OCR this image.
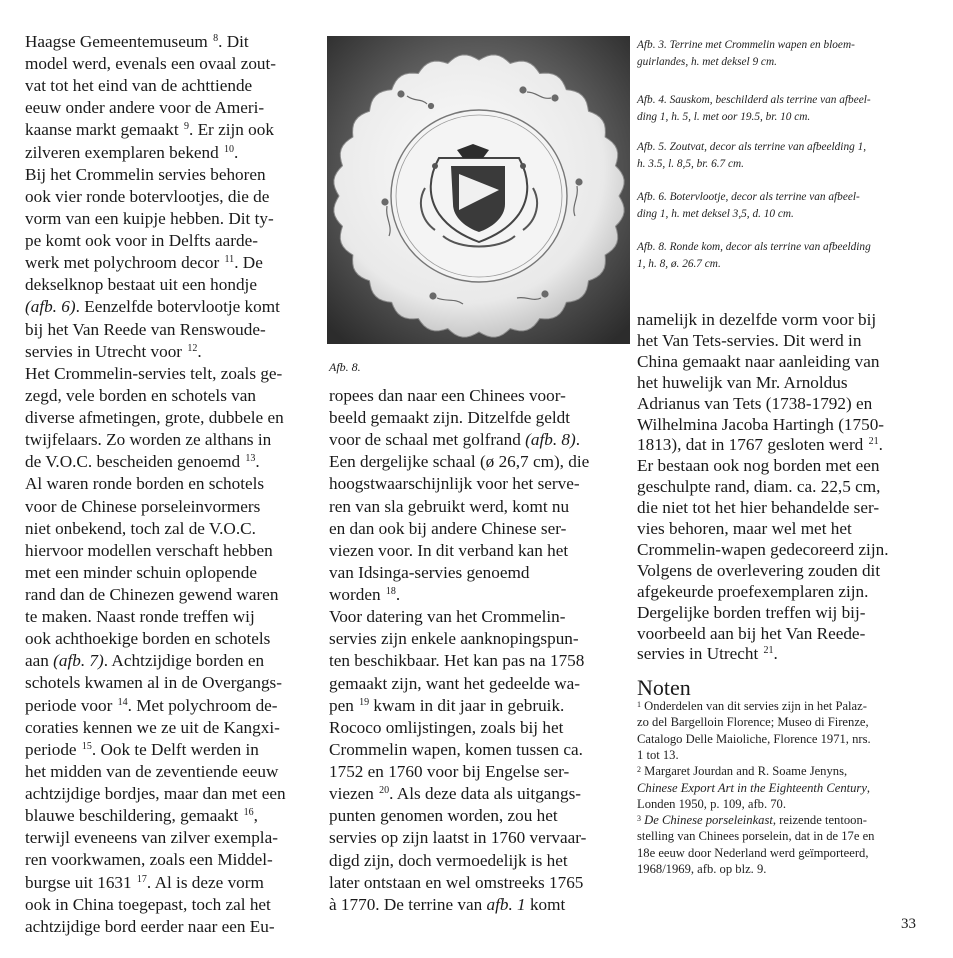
Haagse Gemeentemuseum $^8$. Dit
model werd, evenals een ovaal zout-
vat tot het eind van de achttiende
eeuw onder andere voor de Ameri-
kaanse markt gemaakt $^9$. Er zijn ook
zilveren exemplaren bekend $^{10}$.
Bij het Crommelin servies behoren
ook vier ronde botervlootjes, die de
vorm van een kuipje hebben. Dit ty-
pe komt ook voor in Delfts aarde-
werk met polychroom decor $^{11}$. De
dekselknop bestaat uit een hondje
(afb. 6). Eenzelfde botervlootje komt
bij het Van Reede van Renswoude-
servies in Utrecht voor $^{12}$.
Het Crommelin-servies telt, zoals ge-
zegd, vele borden en schotels van
diverse afmetingen, grote, dubbele en
twijfelaars. Zo worden ze althans in
de V.O.C. bescheiden genoemd $^{13}$.
Al waren ronde borden en schotels
voor de Chinese porseleinvormers
niet onbekend, toch zal de V.O.C.
hiervoor modellen verschaft hebben
met een minder schuin oplopende
rand dan de Chinezen gewend waren
te maken. Naast ronde treffen wij
ook achthoekige borden en schotels
aan (afb. 7). Achtzijdige borden en
schotels kwamen al in de Overgangs-
periode voor $^{14}$. Met polychroom de-
coraties kennen we ze uit de Kangxi-
periode $^{15}$. Ook te Delft werden in
het midden van de zeventiende eeuw
achtzijdige bordjes, maar dan met een
blauwe beschildering, gemaakt $^{16}$,
terwijl eveneens van zilver exempla-
ren voorkwamen, zoals een Middel-
burgse uit 1631 $^{17}$. Al is deze vorm
ook in China toegepast, toch zal het
achtzijdige bord eerder naar een Eu-
Afb. 8.
ropees dan naar een Chinees voor-
beeld gemaakt zijn. Ditzelfde geldt
voor de schaal met golfrand (afb. 8).
Een dergelijke schaal (ø 26,7 cm), die
hoogstwaarschijnlijk voor het serve-
ren van sla gebruikt werd, komt nu
en dan ook bij andere Chinese ser-
viezen voor. In dit verband kan het
van Idsinga-servies genoemd
worden $^{18}$.
Voor datering van het Crommelin-
servies zijn enkele aanknopingspun-
ten beschikbaar. Het kan pas na 1758
gemaakt zijn, want het gedeelde wa-
pen $^{19}$ kwam in dit jaar in gebruik.
Rococo omlijstingen, zoals bij het
Crommelin wapen, komen tussen ca.
1752 en 1760 voor bij Engelse ser-
viezen $^{20}$. Als deze data als uitgangs-
punten genomen worden, zou het
servies op zijn laatst in 1760 vervaar-
digd zijn, doch vermoedelijk is het
later ontstaan en wel omstreeks 1765
à 1770. De terrine van afb. 1 komt
Afb. 3. Terrine met Crommelin wapen en bloem-
guirlandes, h. met deksel 9 cm.
Afb. 4. Sauskom, beschilderd als terrine van afbeel-
ding 1, h. 5, l. met oor 19.5, br. 10 cm.
Afb. 5. Zoutvat, decor als terrine van afbeelding 1,
h. 3.5, l. 8,5, br. 6.7 cm.
Afb. 6. Botervlootje, decor als terrine van afbeel-
ding 1, h. met deksel 3,5, d. 10 cm.
Afb. 8. Ronde kom, decor als terrine van afbeelding
1, h. 8, ø. 26.7 cm.
namelijk in dezelfde vorm voor bij
het Van Tets-servies. Dit werd in
China gemaakt naar aanleiding van
het huwelijk van Mr. Arnoldus
Adrianus van Tets (1738-1792) en
Wilhelmina Jacoba Hartingh (1750-
1813), dat in 1767 gesloten werd $^{21}$.
Er bestaan ook nog borden met een
geschulpte rand, diam. ca. 22,5 cm,
die niet tot het hier behandelde ser-
vies behoren, maar wel met het
Crommelin-wapen gedecoreerd zijn.
Volgens de overlevering zouden dit
afgekeurde proefexemplaren zijn.
Dergelijke borden treffen wij bij-
voorbeeld aan bij het Van Reede-
servies in Utrecht $^{21}$.
Noten
$^1$ Onderdelen van dit servies zijn in het Palaz-
zo del Bargelloin Florence; Museo di Firenze,
Catalogo Delle Maioliche, Florence 1971, nrs.
1 tot 13.
$^2$ Margaret Jourdan and R. Soame Jenyns,
Chinese Export Art in the Eighteenth Century,
Londen 1950, p. 109, afb. 70.
$^3$ De Chinese porseleinkast, reizende tentoon-
stelling van Chinees porselein, dat in de 17e en
18e eeuw door Nederland werd geïmporteerd,
1968/1969, afb. op blz. 9.
33
